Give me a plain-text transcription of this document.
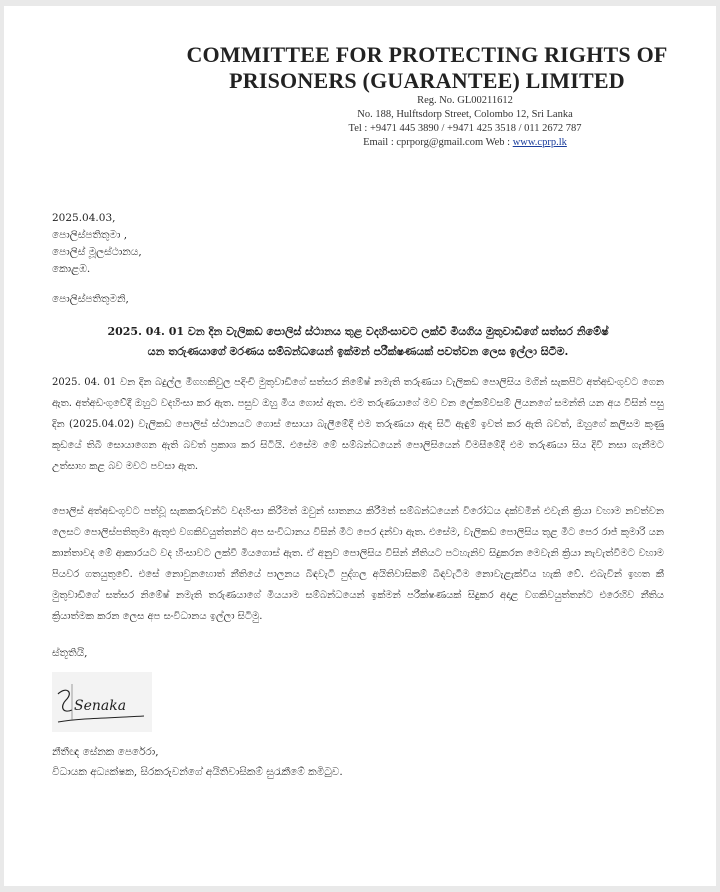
COMMITTEE FOR PROTECTING RIGHTS OF
PRISONERS (GUARANTEE) LIMITED
Reg. No. GL00211612
No. 188, Hulftsdorp Street, Colombo 12, Sri Lanka
Tel : +9471 445 3890 / +9471 425 3518 / 011 2672 787
Email : cprporg@gmail.com Web : www.cprp.lk
2025.04.03,
පොලිස්පතිතුමා ,
පොලිස් මූලස්ථානය,
කොළඹ.
පොලිස්පතිතුමනි,
2025. 04. 01 වන දින වැලිකඩ පොලිස් ස්ථානය තුළ වදහිංසාවට ලක්වී මියගිය මුතුවාඩිගේ සත්සර නිමේෂ්
යන තරුණයාගේ මරණය සම්බන්ධයෙන් ඉක්මන් පරීක්ෂණයක් පවත්වන ලෙස ඉල්ලා සිටීම.
2025. 04. 01 වන දින බදුල්ල මීගහකිවුල පදිංචි මුතුවාඩිගේ සත්සර නිමේෂ් නමැති තරුණයා වැලිකඩ පොලිසිය මගින් සැකපිට අත්අඩංගුවට ගෙන ඇත. අත්අඩංගුවේදී ඔහුට වදහිංසා කර ඇත. පසුව ඔහු මිය ගොස් ඇත. එම තරුණයාගේ මව වන ලේකම්වසම් ලියනගේ සමන්ති යන අය විසින් පසු දින (2025.04.02) වැලිකඩ පොලිස් ස්ථානයට ගොස් සොයා බැලීමේදී එම තරුණයා ඇඳ සිටි ඇඳුම් ඉවත් කර ඇති බවත්, ඔහුගේ කලිසම කුණු කූඩයේ තිබී සොයාගෙන ඇති බවත් ප්‍රකාශ කර සිටියි. එසේම මේ සම්බන්ධයෙන් පොලිසියෙන් විමසීමේදී එම තරුණයා සිය දිවි නසා ගැනීමට උත්සාහ කළ බව මවට පවසා ඇත.
පොලිස් අත්අඩංගුවට පත්වූ සැකකරුවන්ට වදහිංසා කිරීමත් ඔවුන් ඝාතනය කිරීමත් සම්බන්ධයෙන් විරෝධය දක්වමින් එවැනි ක්‍රියා වහාම නවත්වන ලෙසට පොලිස්පතිතුමා ඇතුළු වගකිවයුත්තන්ට අප සංවිධානය විසින් මීට පෙර දන්වා ඇත. එසේම, වැලිකඩ පොලිසිය තුළ මීට පෙර රාජ් කුමාරි යන කාන්තාවද මේ ආකාරයට වද හිංසාවට ලක්වී මියගොස් ඇත. ඒ අනුව පොලිසිය විසින් නීතියට පටහැනිව සිදුකරන මෙවැනි ක්‍රියා නැවැත්වීමට වහාම පියවර ගතයුතුවේ. එසේ නොවුනහොත් නීතියේ පාලනය බිඳවැටී පුද්ගල අයිතිවාසිකම් බිඳවැටීම නොවැළැක්විය හැකි වේ. එබැවින් ඉහත කී මුතුවාඩිගේ සත්සර නිමේෂ් නමැති තරුණයාගේ මියයාම සම්බන්ධයෙන් ඉක්මන් පරීක්ෂණයක් සිදුකර අදාළ වගකිවයුත්තන්ට එරෙහිව නීතිය ක්‍රියාත්මක කරන ලෙස අප සංවිධානය ඉල්ලා සිටිමු.
ස්තූතියි,
Senaka
නීතීඥ සේනක පෙරේරා,
විධායක අධ්‍යක්ෂක, සිරකරුවන්ගේ අයිතිවාසිකම් සුරැකීමේ කමිටුව.
